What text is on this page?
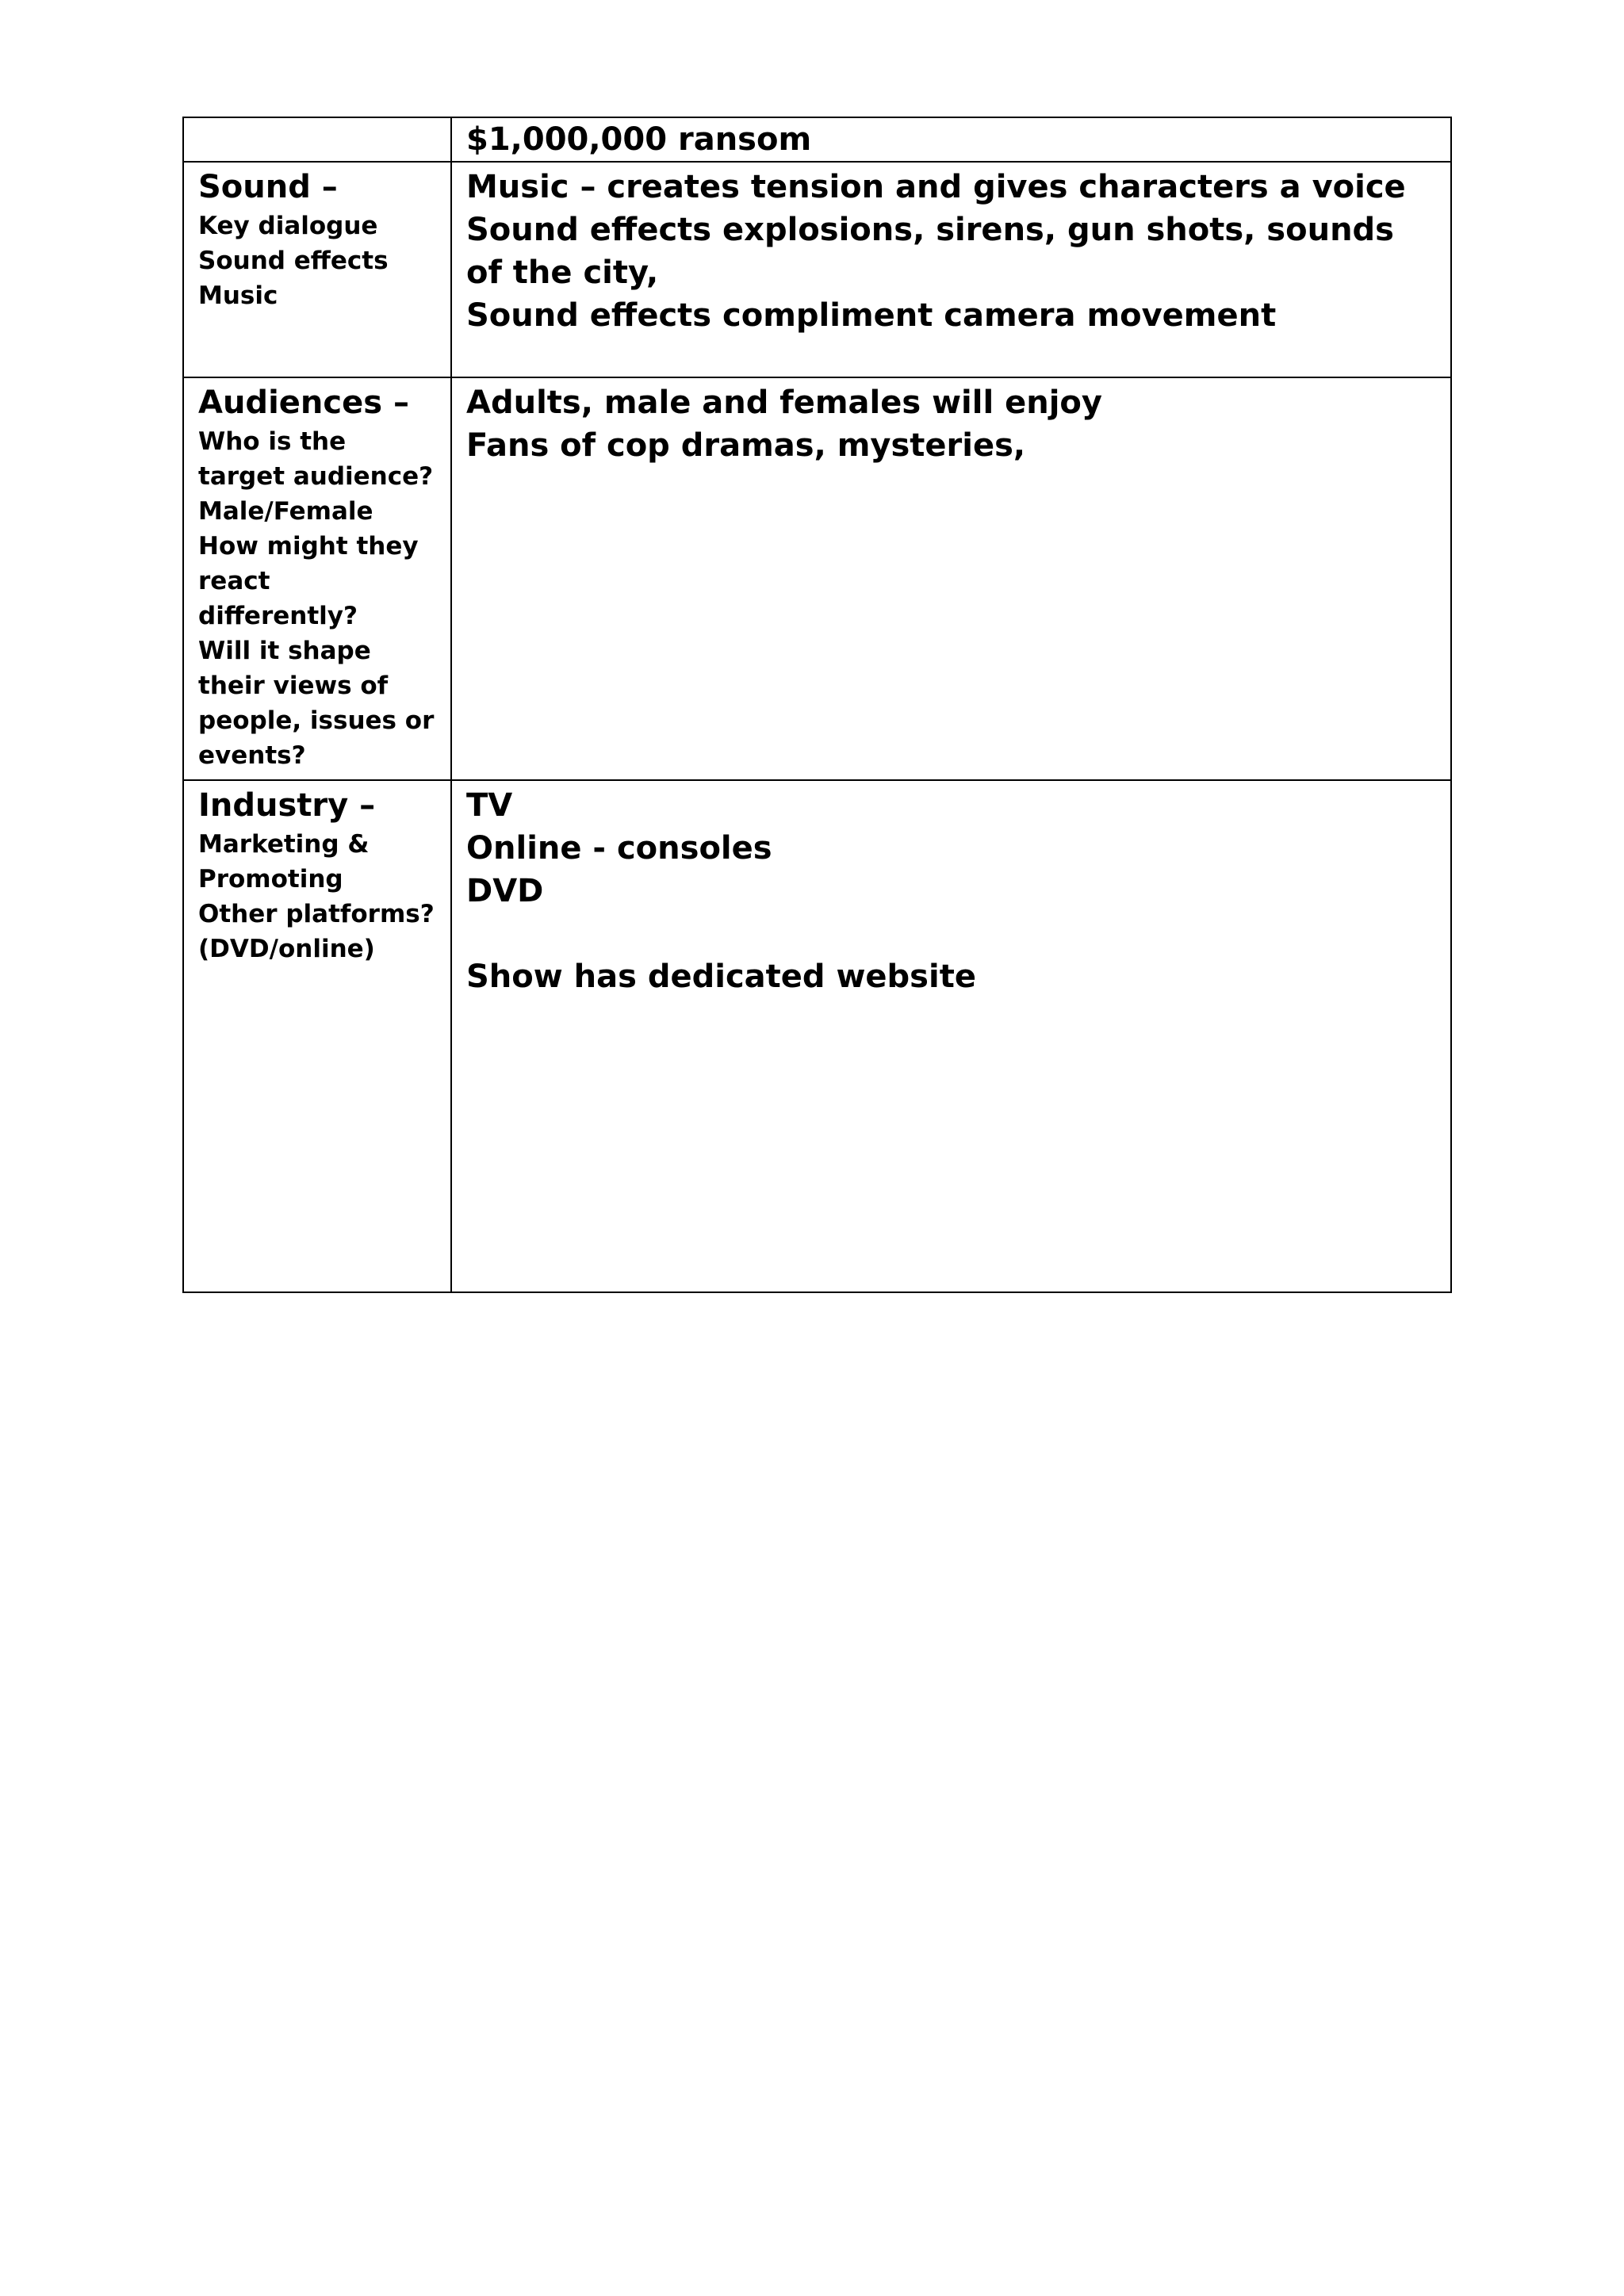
	$1,000,000 ransom

Sound –
Key dialogue
Sound effects
Music	Music – creates tension and gives characters a voice
Sound effects explosions, sirens, gun shots, sounds of the city,
Sound effects compliment camera movement

Audiences –
Who is the target audience?
Male/Female
How might they react differently?
Will it shape their views of people, issues or events?	Adults, male and females will enjoy
Fans of cop dramas, mysteries,

Industry –
Marketing & Promoting
Other platforms?
(DVD/online)	TV
Online - consoles
DVD
Show has dedicated website
